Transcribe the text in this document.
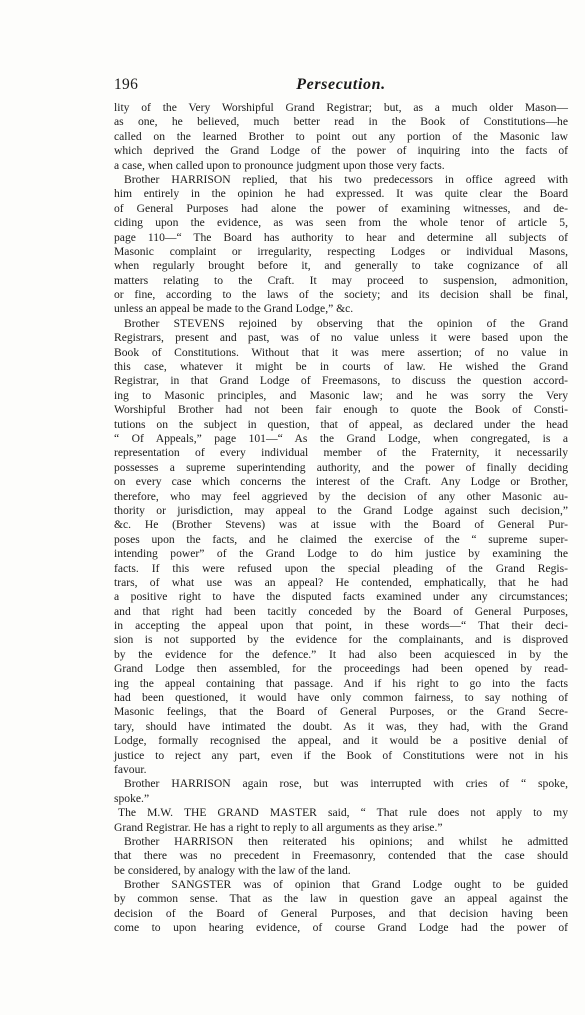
196	Persecution.
lity of the Very Worshipful Grand Registrar; but, as a much older Mason—
as one, he believed, much better read in the Book of Constitutions—he
called on the learned Brother to point out any portion of the Masonic law
which deprived the Grand Lodge of the power of inquiring into the facts of
a case, when called upon to pronounce judgment upon those very facts.
Brother HARRISON replied, that his two predecessors in office agreed with
him entirely in the opinion he had expressed. It was quite clear the Board
of General Purposes had alone the power of examining witnesses, and de-
ciding upon the evidence, as was seen from the whole tenor of article 5,
page 110—“ The Board has authority to hear and determine all subjects of
Masonic complaint or irregularity, respecting Lodges or individual Masons,
when regularly brought before it, and generally to take cognizance of all
matters relating to the Craft. It may proceed to suspension, admonition,
or fine, according to the laws of the society; and its decision shall be final,
unless an appeal be made to the Grand Lodge,” &c.
Brother STEVENS rejoined by observing that the opinion of the Grand
Registrars, present and past, was of no value unless it were based upon the
Book of Constitutions. Without that it was mere assertion; of no value in
this case, whatever it might be in courts of law. He wished the Grand
Registrar, in that Grand Lodge of Freemasons, to discuss the question accord-
ing to Masonic principles, and Masonic law; and he was sorry the Very
Worshipful Brother had not been fair enough to quote the Book of Consti-
tutions on the subject in question, that of appeal, as declared under the head
“ Of Appeals,” page 101—“ As the Grand Lodge, when congregated, is a
representation of every individual member of the Fraternity, it necessarily
possesses a supreme superintending authority, and the power of finally deciding
on every case which concerns the interest of the Craft. Any Lodge or Brother,
therefore, who may feel aggrieved by the decision of any other Masonic au-
thority or jurisdiction, may appeal to the Grand Lodge against such decision,”
&c. He (Brother Stevens) was at issue with the Board of General Pur-
poses upon the facts, and he claimed the exercise of the “ supreme super-
intending power” of the Grand Lodge to do him justice by examining the
facts. If this were refused upon the special pleading of the Grand Regis-
trars, of what use was an appeal? He contended, emphatically, that he had
a positive right to have the disputed facts examined under any circumstances;
and that right had been tacitly conceded by the Board of General Purposes,
in accepting the appeal upon that point, in these words—“ That their deci-
sion is not supported by the evidence for the complainants, and is disproved
by the evidence for the defence.” It had also been acquiesced in by the
Grand Lodge then assembled, for the proceedings had been opened by read-
ing the appeal containing that passage. And if his right to go into the facts
had been questioned, it would have only common fairness, to say nothing of
Masonic feelings, that the Board of General Purposes, or the Grand Secre-
tary, should have intimated the doubt. As it was, they had, with the Grand
Lodge, formally recognised the appeal, and it would be a positive denial of
justice to reject any part, even if the Book of Constitutions were not in his
favour.
Brother HARRISON again rose, but was interrupted with cries of “ spoke,
spoke.”
The M.W. THE GRAND MASTER said, “ That rule does not apply to my
Grand Registrar. He has a right to reply to all arguments as they arise.”
Brother HARRISON then reiterated his opinions; and whilst he admitted
that there was no precedent in Freemasonry, contended that the case should
be considered, by analogy with the law of the land.
Brother SANGSTER was of opinion that Grand Lodge ought to be guided
by common sense. That as the law in question gave an appeal against the
decision of the Board of General Purposes, and that decision having been
come to upon hearing evidence, of course Grand Lodge had the power of
